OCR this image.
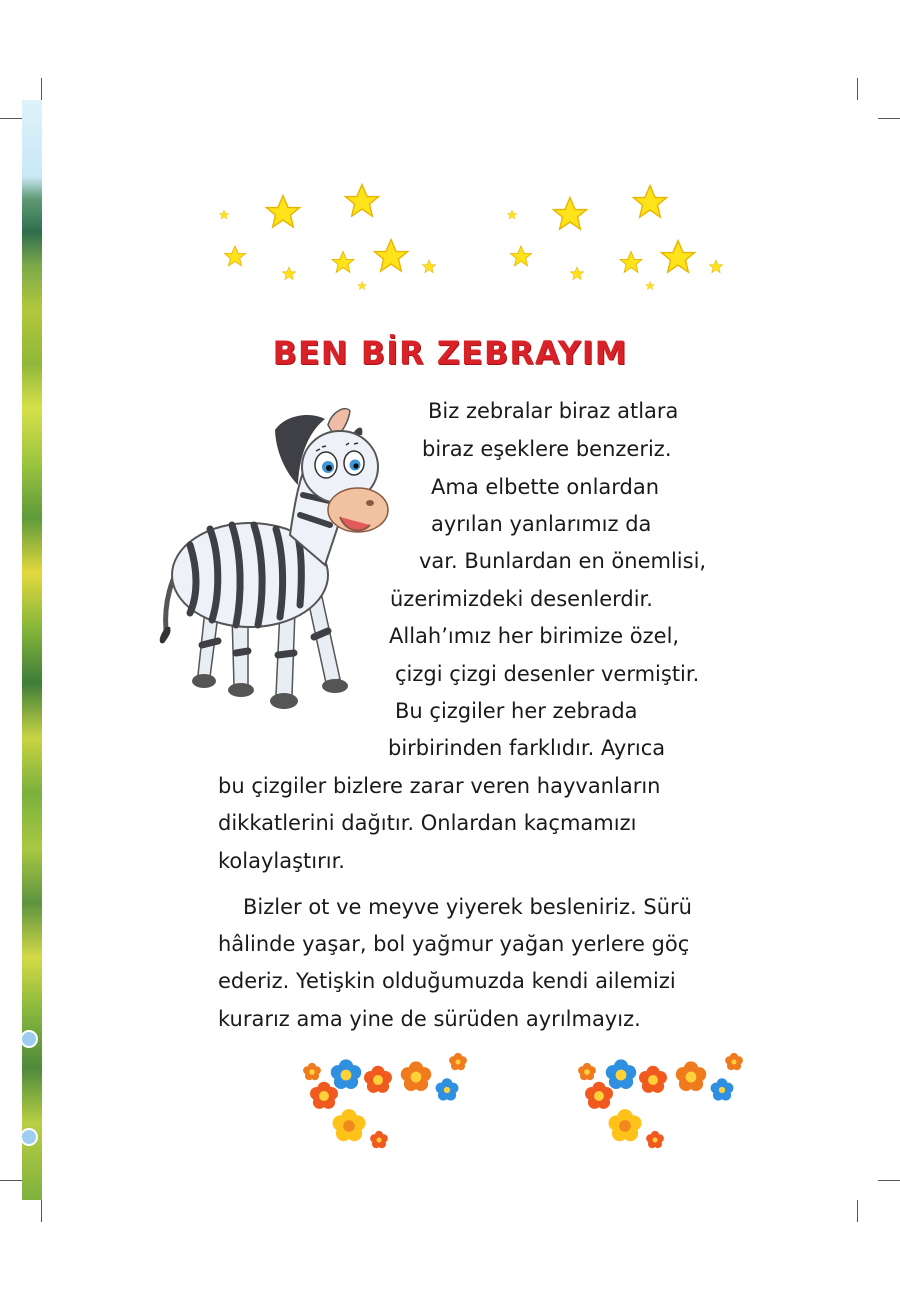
BEN BİR ZEBRAYIM

Biz zebralar biraz atlara

biraz eşeklere benzeriz.

Ama elbette onlardan

ayrılan yanlarımız da

var. Bunlardan en önemlisi,

üzerimizdeki desenlerdir.

Allah’ımız her birimize özel,

çizgi çizgi desenler vermiştir.

Bu çizgiler her zebrada

birbirinden farklıdır. Ayrıca

bu çizgiler bizlere zarar veren hayvanların

dikkatlerini dağıtır. Onlardan kaçmamızı

kolaylaştırır.

Bizler ot ve meyve yiyerek besleniriz. Sürü

hâlinde yaşar, bol yağmur yağan yerlere göç

ederiz. Yetişkin olduğumuzda kendi ailemizi

kurarız ama yine de sürüden ayrılmayız.
